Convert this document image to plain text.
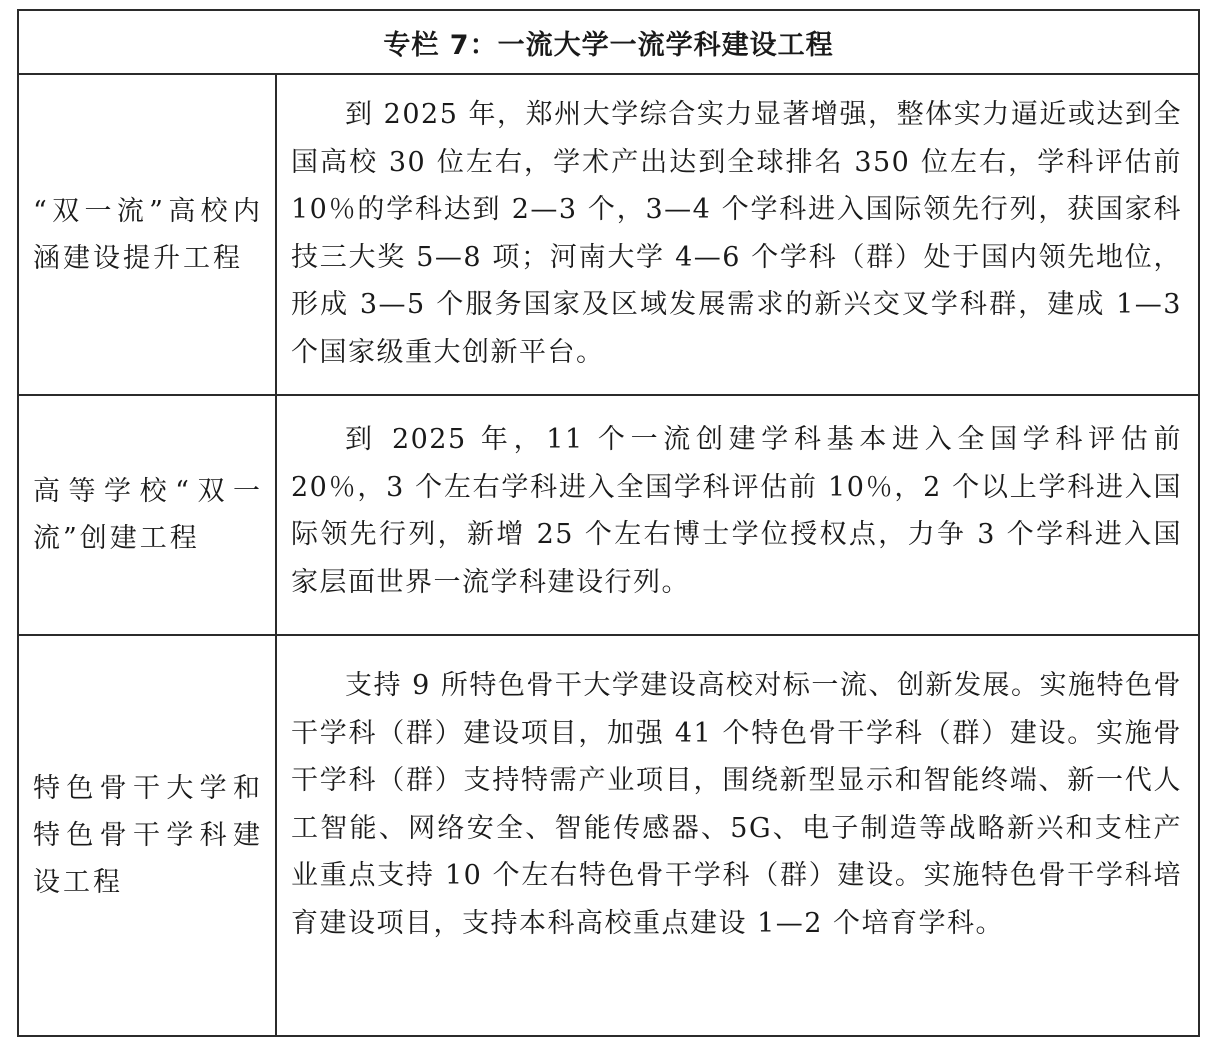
专栏 7：一流大学一流学科建设工程	
“双一流”高校内涵建设提升工程	到 2025 年，郑州大学综合实力显著增强，整体实力逼近或达到全国高校 30 位左右，学术产出达到全球排名 350 位左右，学科评估前 10％的学科达到 2—3 个，3—4 个学科进入国际领先行列，获国家科技三大奖 5—8 项；河南大学 4—6 个学科（群）处于国内领先地位，形成 3—5 个服务国家及区域发展需求的新兴交叉学科群，建成 1—3 个国家级重大创新平台。

高等学校“双一流”创建工程	到 2025 年，11 个一流创建学科基本进入全国学科评估前 20％，3 个左右学科进入全国学科评估前 10％，2 个以上学科进入国际领先行列，新增 25 个左右博士学位授权点，力争 3 个学科进入国家层面世界一流学科建设行列。

特色骨干大学和特色骨干学科建设工程	支持 9 所特色骨干大学建设高校对标一流、创新发展。实施特色骨干学科（群）建设项目，加强 41 个特色骨干学科（群）建设。实施骨干学科（群）支持特需产业项目，围绕新型显示和智能终端、新一代人工智能、网络安全、智能传感器、5G、电子制造等战略新兴和支柱产业重点支持 10 个左右特色骨干学科（群）建设。实施特色骨干学科培育建设项目，支持本科高校重点建设 1—2 个培育学科。
